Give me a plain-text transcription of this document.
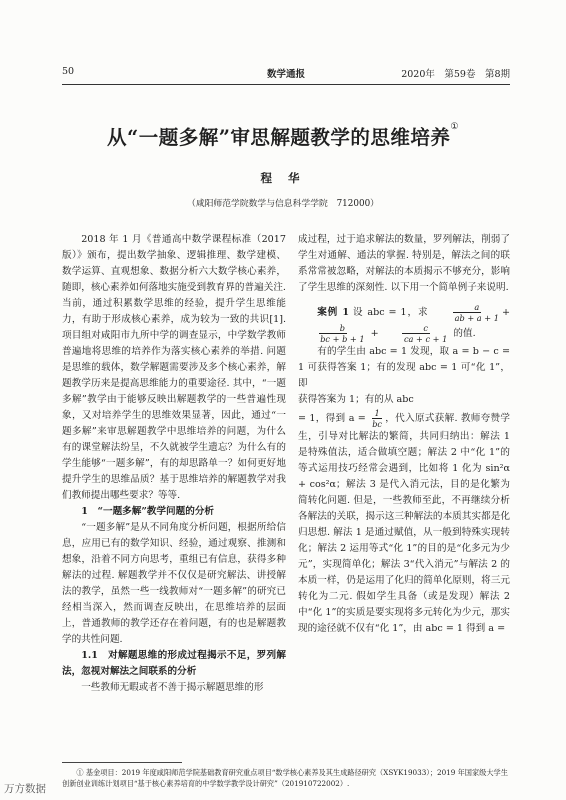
50	数学通报	2020年　第59卷　第8期
从“一题多解”审思解题教学的思维培养①
程 华
（咸阳师范学院数学与信息科学学院　712000）

2018 年 1 月《普通高中数学课程标准（2017 版）》颁布，提出数学抽象、逻辑推理、数学建模、数学运算、直观想象、数据分析六大数学核心素养，随即，核心素养如何落地实施受到教育界的普遍关注. 当前，通过积累数学思维的经验，提升学生思维能力，有助于形成核心素养，成为较为一致的共识[1]. 项目组对咸阳市九所中学的调查显示，中学数学教师普遍地将思维的培养作为落实核心素养的举措. 问题是思维的载体，数学解题需要涉及多个核心素养，解题教学历来是提高思维能力的重要途径. 其中，“一题多解”教学由于能够反映出解题教学的一些普遍性现象，又对培养学生的思维效果显著，因此，通过“一题多解”来审思解题教学中思维培养的问题，为什么有的课堂解法纷呈，不久就被学生遗忘？为什么有的学生能够“一题多解”，有的却思路单一？如何更好地提升学生的思维品质？基于思维培养的解题教学对我们教师提出哪些要求？等等.

1　“一题多解”教学问题的分析

“一题多解”是从不同角度分析问题，根据所给信息，应用已有的数学知识、经验，通过观察、推测和想象，沿着不同方向思考，重组已有信息，获得多种解法的过程. 解题教学并不仅仅是研究解法、讲授解法的教学，虽然一些一线教师对“一题多解”的研究已经相当深入，然而调查反映出，在思维培养的层面上，普通教师的教学还存在着问题，有的也是解题教学的共性问题.

1.1　对解题思维的形成过程揭示不足，罗列解法，忽视对解法之间联系的分析

一些教师无暇或者不善于揭示解题思维的形

成过程，过于追求解法的数量，罗列解法，削弱了学生对通解、通法的掌握. 特别是，解法之间的联系常常被忽略，对解法的本质揭示不够充分，影响了学生思维的深刻性. 以下用一个简单例子来说明.

案例 1 设 abc = 1，求 $\frac{a}{ab + a + 1}$ +
$\frac{b}{bc + b + 1} + \frac{c}{ca + c + 1}$ 的值.

有的学生由 abc = 1 发现，取 a = b − c = 1 可获得答案 1；有的发现 abc = 1 可“化 1”，即

获得答案为 1；有的从 abc

= 1，得到 $a = \frac{1}{bc}$ ，代入原式获解. 教师夸赞学生，引导对比解法的繁简，共同归纳出：解法 1 是特殊值法，适合做填空题；解法 2 中“化 1”的等式运用技巧经常会遇到，比如将 1 化为 sin²α + cos²α；解法 3 是代入消元法，目的是化繁为简转化问题. 但是，一些教师至此，不再继续分析各解法的关联，揭示这三种解法的本质其实都是化归思想. 解法 1 是通过赋值，从一般到特殊实现转化；解法 2 运用等式“化 1”的目的是“化多元为少元”，实现简单化；解法 3“代入消元”与解法 2 的本质一样，仍是运用了化归的简单化原则，将三元转化为二元. 假如学生具备（或是发现）解法 2 中“化 1”的实质是要实现将多元转化为少元，那实现的途径就不仅有“化 1”，由 abc = 1 得到 a =

① 基金项目：2019 年度咸阳师范学院基础教育研究重点项目“数学核心素养及其生成路径研究（XSYK19033）；2019 年国家级大学生创新创业训练计划项目“基于核心素养培育的中学数学教学设计研究”（201910722002）.
万方数据
